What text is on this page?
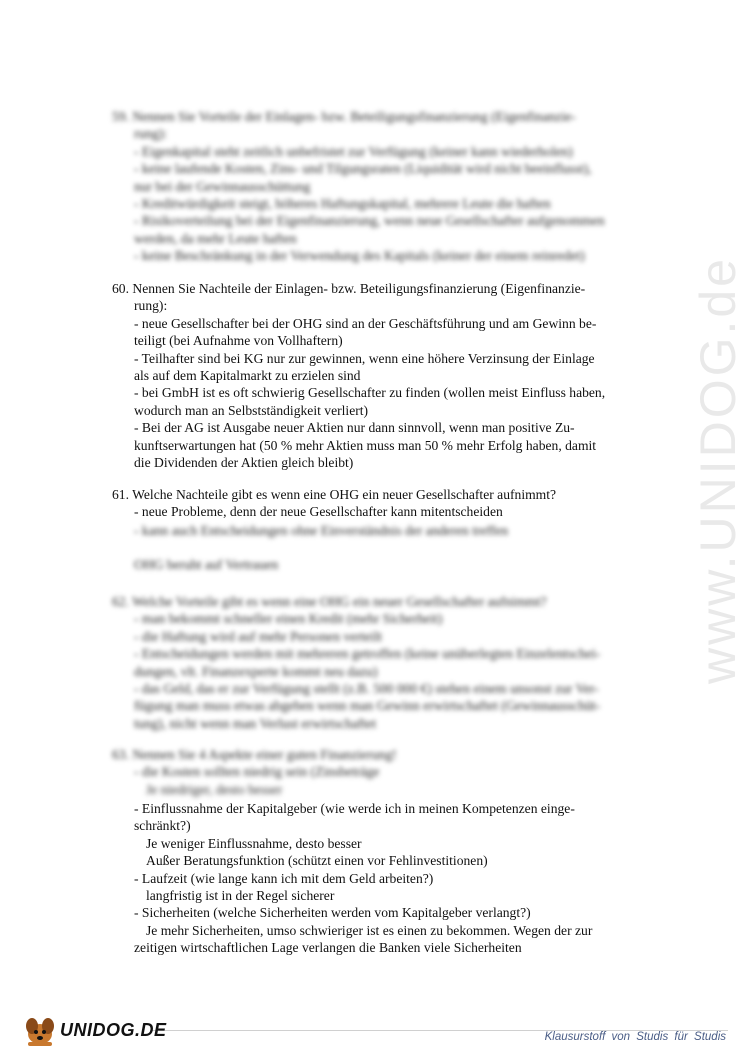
www.UNIDOG.de
59. Nennen Sie Vorteile der Einlagen- bzw. Beteiligungsfinanzierung (Eigenfinanzie-
rung):
- Eigenkapital steht zeitlich unbefristet zur Verfügung (keiner kann wiederholen)
- keine laufende Kosten, Zins- und Tilgungsraten (Liquidität wird nicht beeinflusst),
nur bei der Gewinnausschüttung
- Kreditwürdigkeit steigt, höheres Haftungskapital, mehrere Leute die haften
- Risikoverteilung bei der Eigenfinanzierung, wenn neue Gesellschafter aufgenommen
werden, da mehr Leute haften
- keine Beschränkung in der Verwendung des Kapitals (keiner der einem reinredet)
60. Nennen Sie Nachteile der Einlagen- bzw. Beteiligungsfinanzierung (Eigenfinanzie-
rung):
- neue Gesellschafter bei der OHG sind an der Geschäftsführung und am Gewinn be-
teiligt (bei Aufnahme von Vollhaftern)
- Teilhafter sind bei KG nur zur gewinnen, wenn eine höhere Verzinsung der Einlage
als auf dem Kapitalmarkt zu erzielen sind
- bei GmbH ist es oft schwierig Gesellschafter zu finden (wollen meist Einfluss haben,
wodurch man an Selbstständigkeit verliert)
- Bei der AG ist Ausgabe neuer Aktien nur dann sinnvoll, wenn man positive Zu-
kunftserwartungen hat (50 % mehr Aktien muss man 50 % mehr Erfolg haben, damit
die Dividenden der Aktien gleich bleibt)
61. Welche Nachteile gibt es wenn eine OHG ein neuer Gesellschafter aufnimmt?
- neue Probleme, denn der neue Gesellschafter kann mitentscheiden
- kann auch Entscheidungen ohne Einverständnis der anderen treffen
OHG beruht auf Vertrauen
62. Welche Vorteile gibt es wenn eine OHG ein neuer Gesellschafter aufnimmt?
- man bekommt schneller einen Kredit (mehr Sicherheit)
- die Haftung wird auf mehr Personen verteilt
- Entscheidungen werden mit mehreren getroffen (keine unüberlegten Einzelentschei-
dungen, vlt. Finanzexperte kommt neu dazu)
- das Geld, das er zur Verfügung stellt (z.B. 500 000 €) stehen einem unsonst zur Ver-
fügung man muss etwas abgeben wenn man Gewinn erwirtschaftet (Gewinnausschüt-
tung), nicht wenn man Verlust erwirtschaftet
63. Nennen Sie 4 Aspekte einer guten Finanzierung!
- die Kosten sollten niedrig sein (Zinsbeträge
Je niedriger, desto besser
- Einflussnahme der Kapitalgeber (wie werde ich in meinen Kompetenzen einge-
schränkt?)
Je weniger Einflussnahme, desto besser
Außer Beratungsfunktion (schützt einen vor Fehlinvestitionen)
- Laufzeit (wie lange kann ich mit dem Geld arbeiten?)
langfristig ist in der Regel sicherer
- Sicherheiten (welche Sicherheiten werden vom Kapitalgeber verlangt?)
Je mehr Sicherheiten, umso schwieriger ist es einen zu bekommen. Wegen der zur
zeitigen wirtschaftlichen Lage verlangen die Banken viele Sicherheiten
UNIDOG.DE	Klausurstoff von Studis für Studis
